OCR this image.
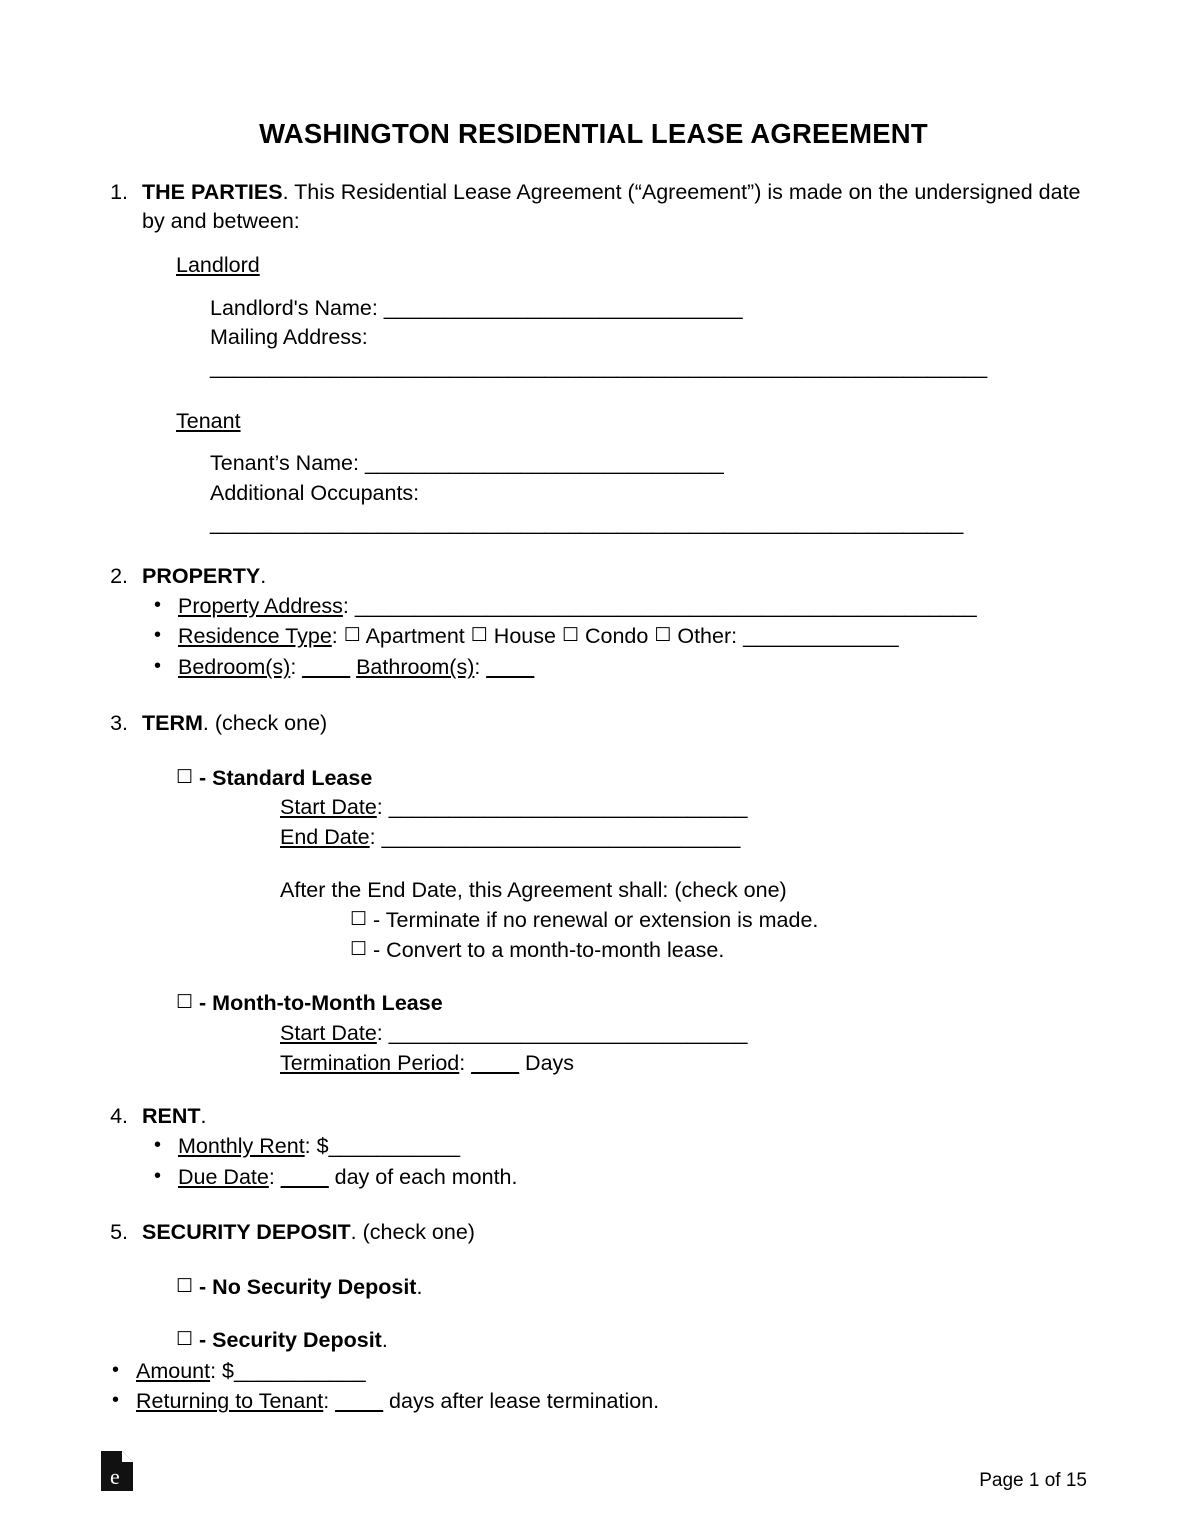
WASHINGTON RESIDENTIAL LEASE AGREEMENT
1. THE PARTIES. This Residential Lease Agreement (“Agreement”) is made on the undersigned date by and between:
Landlord
Landlord's Name: ______________________________
Mailing Address: _________________________________________________________________
Tenant
Tenant’s Name: ______________________________
Additional Occupants: _______________________________________________________________
2. PROPERTY.
• Property Address: ____________________________________________________
• Residence Type: ☐ Apartment ☐ House ☐ Condo ☐ Other: _____________
• Bedroom(s): ____ Bathroom(s): ____
3. TERM. (check one)
☐ - Standard Lease
Start Date: ______________________________
End Date: ______________________________
After the End Date, this Agreement shall: (check one)
☐ - Terminate if no renewal or extension is made.
☐ - Convert to a month-to-month lease.
☐ - Month-to-Month Lease
Start Date: ______________________________
Termination Period: ____ Days
4. RENT.
• Monthly Rent: $___________
• Due Date: ____ day of each month.
5. SECURITY DEPOSIT. (check one)
☐ - No Security Deposit.
☐ - Security Deposit.
• Amount: $___________
• Returning to Tenant: ____ days after lease termination.
e	Page 1 of 15
